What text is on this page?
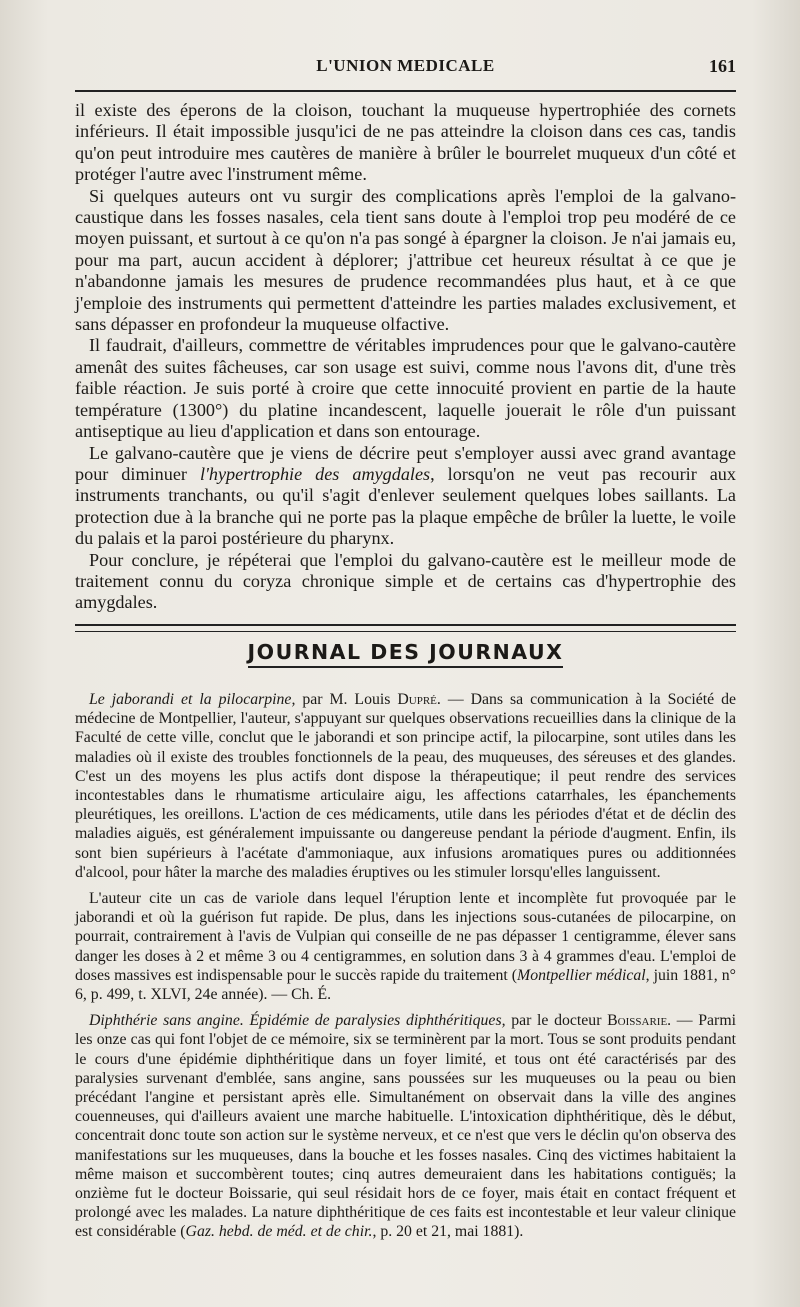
L'UNION MEDICALE	161

il existe des éperons de la cloison, touchant la muqueuse hypertrophiée des cornets inférieurs. Il était impossible jusqu'ici de ne pas atteindre la cloison dans ces cas, tandis qu'on peut introduire mes cautères de manière à brûler le bourrelet muqueux d'un côté et protéger l'autre avec l'instrument même.

Si quelques auteurs ont vu surgir des complications après l'emploi de la galvano-caustique dans les fosses nasales, cela tient sans doute à l'emploi trop peu modéré de ce moyen puissant, et surtout à ce qu'on n'a pas songé à épargner la cloison. Je n'ai jamais eu, pour ma part, aucun accident à déplorer; j'attribue cet heureux résultat à ce que je n'abandonne jamais les mesures de prudence recommandées plus haut, et à ce que j'emploie des instruments qui permettent d'atteindre les parties malades exclusivement, et sans dépasser en profondeur la muqueuse olfactive.

Il faudrait, d'ailleurs, commettre de véritables imprudences pour que le galvano-cautère amenât des suites fâcheuses, car son usage est suivi, comme nous l'avons dit, d'une très faible réaction. Je suis porté à croire que cette innocuité provient en partie de la haute température (1300°) du platine incandescent, laquelle jouerait le rôle d'un puissant antiseptique au lieu d'application et dans son entourage.

Le galvano-cautère que je viens de décrire peut s'employer aussi avec grand avantage pour diminuer l'hypertrophie des amygdales, lorsqu'on ne veut pas recourir aux instruments tranchants, ou qu'il s'agit d'enlever seulement quelques lobes saillants. La protection due à la branche qui ne porte pas la plaque empêche de brûler la luette, le voile du palais et la paroi postérieure du pharynx.

Pour conclure, je répéterai que l'emploi du galvano-cautère est le meilleur mode de traitement connu du coryza chronique simple et de certains cas d'hypertrophie des amygdales.

JOURNAL DES JOURNAUX

Le jaborandi et la pilocarpine, par M. Louis Dupré. — Dans sa communication à la Société de médecine de Montpellier, l'auteur, s'appuyant sur quelques observations recueillies dans la clinique de la Faculté de cette ville, conclut que le jaborandi et son principe actif, la pilocarpine, sont utiles dans les maladies où il existe des troubles fonctionnels de la peau, des muqueuses, des séreuses et des glandes. C'est un des moyens les plus actifs dont dispose la thérapeutique; il peut rendre des services incontestables dans le rhumatisme articulaire aigu, les affections catarrhales, les épanchements pleurétiques, les oreillons. L'action de ces médicaments, utile dans les périodes d'état et de déclin des maladies aiguës, est généralement impuissante ou dangereuse pendant la période d'augment. Enfin, ils sont bien supérieurs à l'acétate d'ammoniaque, aux infusions aromatiques pures ou additionnées d'alcool, pour hâter la marche des maladies éruptives ou les stimuler lorsqu'elles languissent.

L'auteur cite un cas de variole dans lequel l'éruption lente et incomplète fut provoquée par le jaborandi et où la guérison fut rapide. De plus, dans les injections sous-cutanées de pilocarpine, on pourrait, contrairement à l'avis de Vulpian qui conseille de ne pas dépasser 1 centigramme, élever sans danger les doses à 2 et même 3 ou 4 centigrammes, en solution dans 3 à 4 grammes d'eau. L'emploi de doses massives est indispensable pour le succès rapide du traitement (Montpellier médical, juin 1881, n° 6, p. 499, t. XLVI, 24e année). — Ch. É.

Diphthérie sans angine. Épidémie de paralysies diphthéritiques, par le docteur Boissarie. — Parmi les onze cas qui font l'objet de ce mémoire, six se terminèrent par la mort. Tous se sont produits pendant le cours d'une épidémie diphthéritique dans un foyer limité, et tous ont été caractérisés par des paralysies survenant d'emblée, sans angine, sans poussées sur les muqueuses ou la peau ou bien précédant l'angine et persistant après elle. Simultanément on observait dans la ville des angines couenneuses, qui d'ailleurs avaient une marche habituelle. L'intoxication diphthéritique, dès le début, concentrait donc toute son action sur le système nerveux, et ce n'est que vers le déclin qu'on observa des manifestations sur les muqueuses, dans la bouche et les fosses nasales. Cinq des victimes habitaient la même maison et succombèrent toutes; cinq autres demeuraient dans les habitations contiguës; la onzième fut le docteur Boissarie, qui seul résidait hors de ce foyer, mais était en contact fréquent et prolongé avec les malades. La nature diphthéritique de ces faits est incontestable et leur valeur clinique est considérable (Gaz. hebd. de méd. et de chir., p. 20 et 21, mai 1881).
